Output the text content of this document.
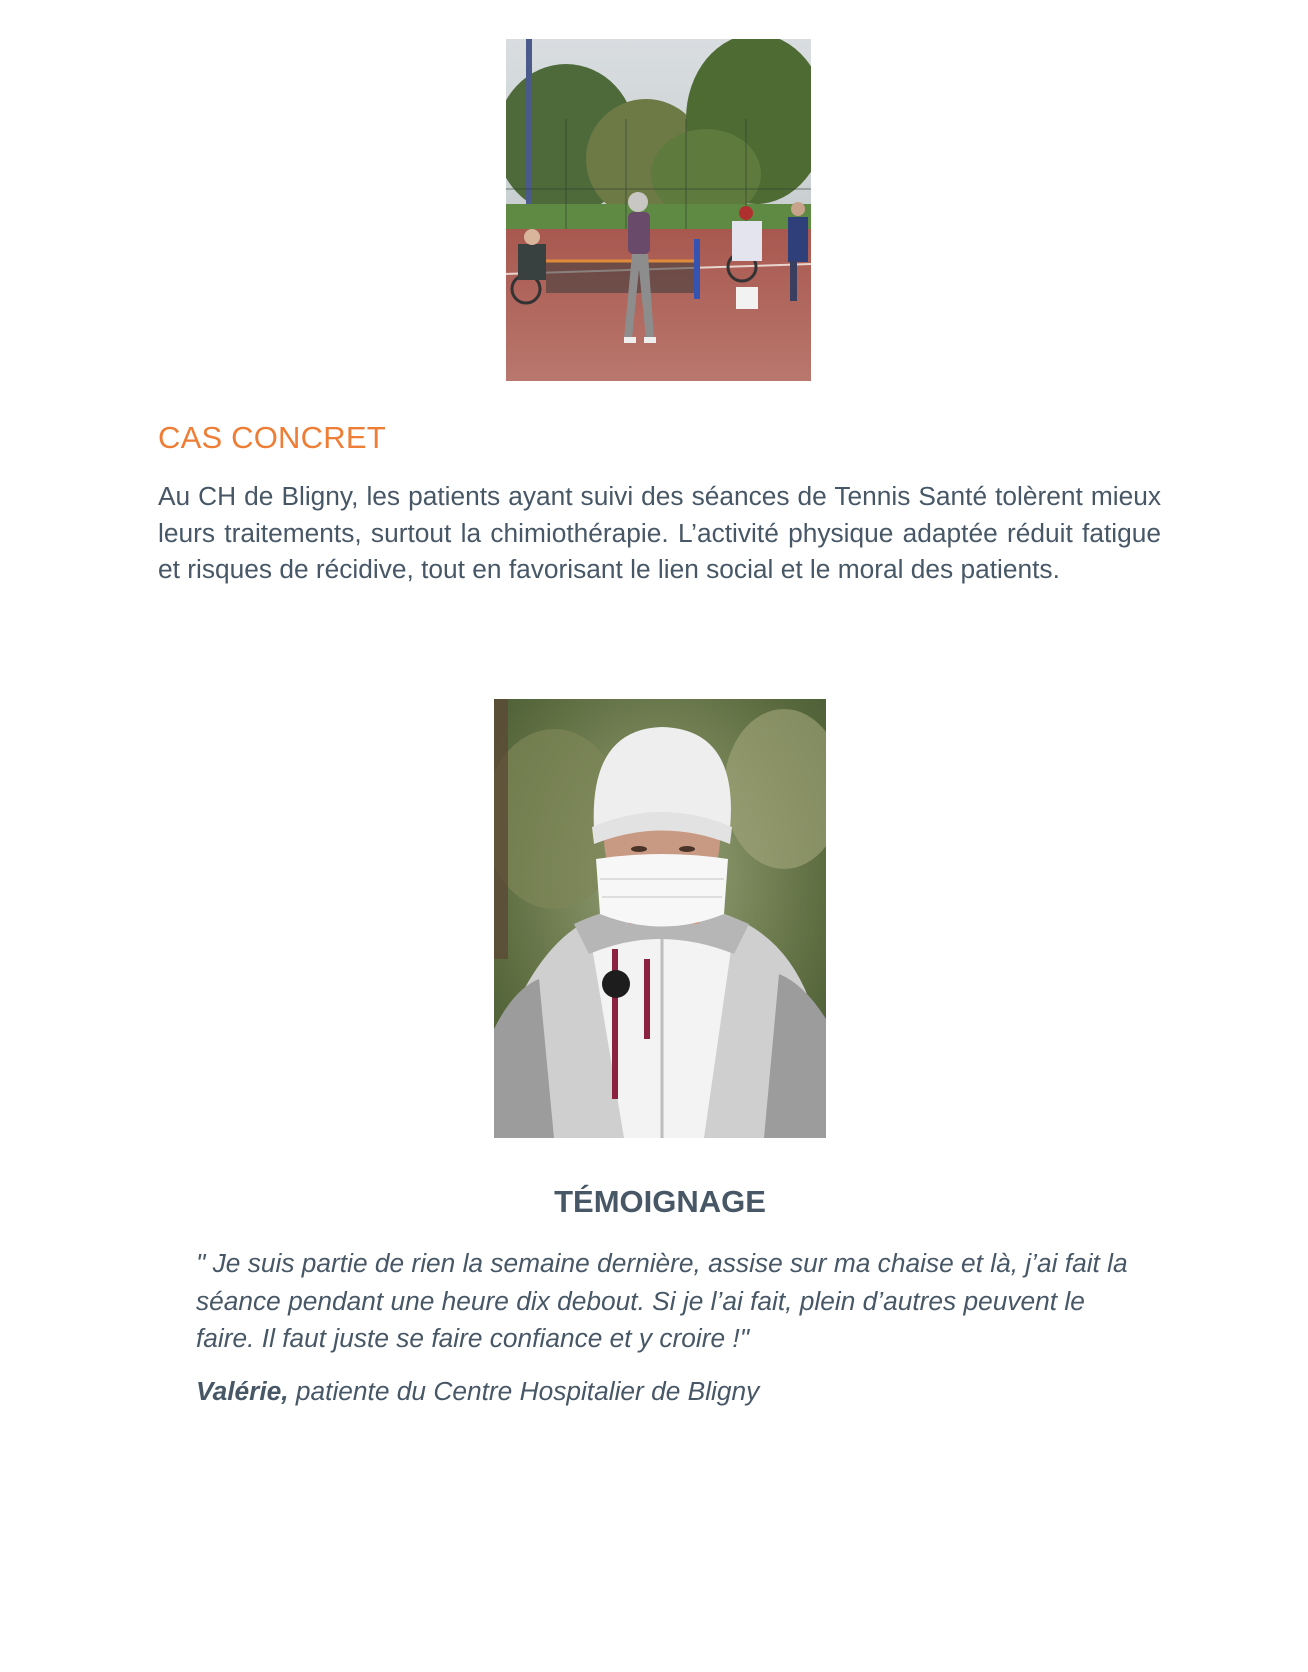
CAS CONCRET

Au CH de Bligny, les patients ayant suivi des séances de Tennis Santé tolèrent mieux leurs traitements, surtout la chimiothérapie. L’activité physique adaptée réduit fatigue et risques de récidive, tout en favorisant le lien social et le moral des patients.

TÉMOIGNAGE

" Je suis partie de rien la semaine dernière, assise sur ma chaise et là, j’ai fait la séance pendant une heure dix debout. Si je l’ai fait, plein d’autres peuvent le faire. Il faut juste se faire confiance et y croire !"

Valérie, patiente du Centre Hospitalier de Bligny
